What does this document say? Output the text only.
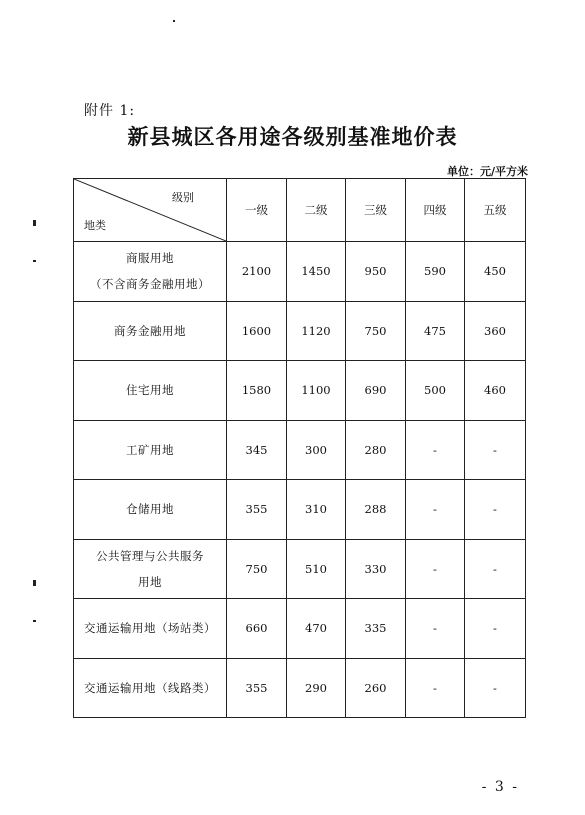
附件 1:
新县城区各用途各级别基准地价表
单位：元/平方米
级别
地类	一级	二级	三级	四级	五级

商服用地
（不含商务金融用地）	2100	1450	950	590	450

商务金融用地	1600	1120	750	475	360

住宅用地	1580	1100	690	500	460

工矿用地	345	300	280	-	-

仓储用地	355	310	288	-	-

公共管理与公共服务
用地	750	510	330	-	-

交通运输用地（场站类）	660	470	335	-	-

交通运输用地（线路类）	355	290	260	-	-
- 3 -
